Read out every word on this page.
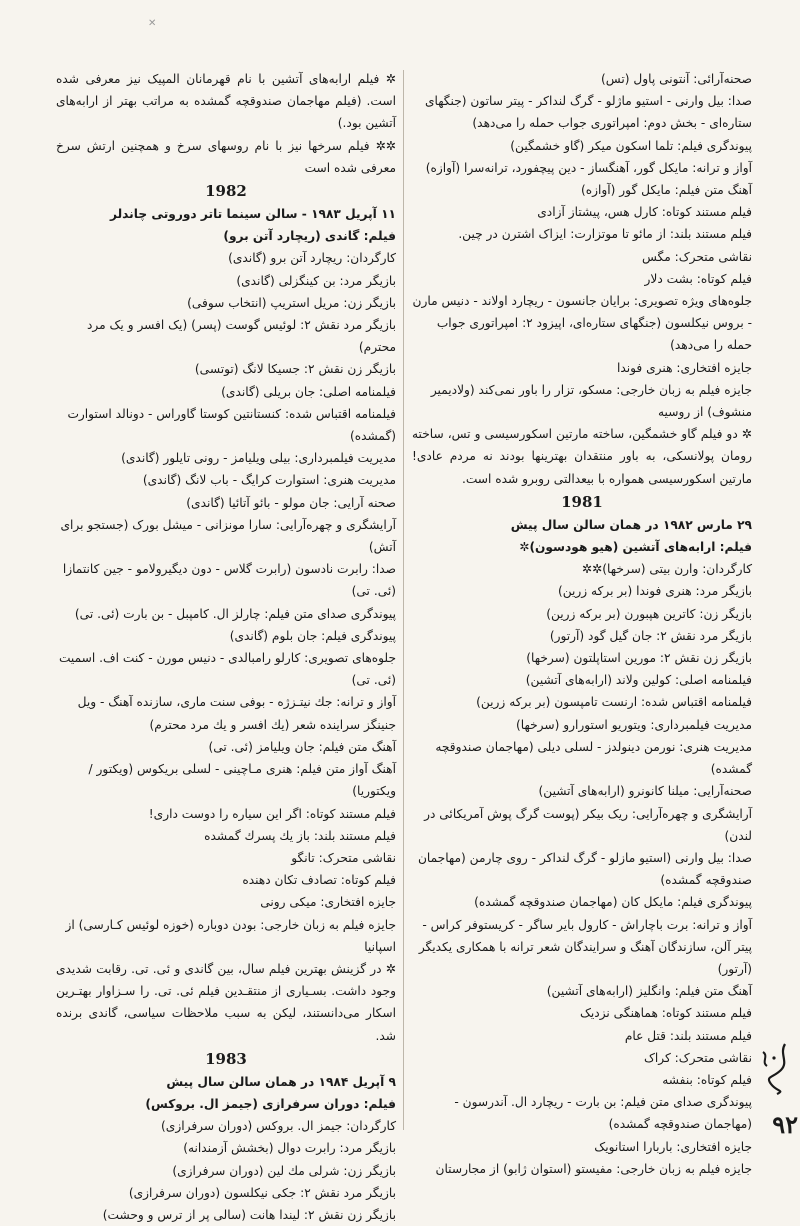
✕

صحنه‌آرائی: آنتونی پاول (تس)

صدا: بیل وارنی - استیو ماژلو - گرگ لنداکر - پیتر ساتون (جنگهای ستاره‌ای - بخش دوم: امپراتوری جواب حمله را می‌دهد)

پیوندگری فیلم: تلما اسکون میکر (گاو خشمگین)

آواز و ترانه: مایکل گور، آهنگساز - دین پیچفورد، ترانه‌سرا (آوازه)

آهنگ متن فیلم: مایکل گور (آوازه)

فیلم مستند کوتاه: کارل هس، پیشتاز آزادی

فیلم مستند بلند: از مائو تا موتزارت: ایزاک اشترن در چین.

نقاشی متحرک: مگس

فیلم کوتاه: بشت دلار

جلوه‌های ویژه تصویری: برایان جانسون - ریچارد اولاند - دنیس مارن - بروس نیکلسون (جنگهای ستاره‌ای، اپیزود ۲: امپراتوری جواب حمله را می‌دهد)

جایزه افتخاری: هنری فوندا

جایزه فیلم به زبان خارجی: مسکو، تزار را باور نمی‌کند (ولادیمیر منشوف) از روسیه

✲ دو فیلم گاو خشمگین، ساخته مارتین اسکورسیسی و تس، ساخته رومان پولانسکی، به باور منتقدان بهترینها بودند نه مردم عادی! مارتین اسکورسیسی همواره با بیعدالتی روبرو شده است.

1981

۲۹ مارس ۱۹۸۲ در همان سالن سال پیش

فیلم: ارابه‌های آتشین (هیو هودسون)✲

کارگردان: وارن بیتی (سرخها)✲✲

بازیگر مرد: هنری فوندا (بر برکه زرین)

بازیگر زن: کاترین هپبورن (بر برکه زرین)

بازیگر مرد نقش ۲: جان گیل گود (آرتور)

بازیگر زن نقش ۲: مورین استاپلتون (سرخها)

فیلمنامه اصلی: کولین ولاند (ارابه‌های آتشین)

فیلمنامه اقتباس شده: ارنست تامپسون (بر برکه زرین)

مدیریت فیلمبرداری: ویتوریو استورارو (سرخها)

مدیریت هنری: نورمن دینولدز - لسلی دیلی (مهاجمان صندوقچه گمشده)

صحنه‌آرایی: میلنا کانونرو (ارابه‌های آتشین)

آرایشگری و چهره‌آرایی: ریک بیکر (پوست گرگ پوش آمریکائی در لندن)

صدا: بیل وارنی (استیو مازلو - گرگ لنداکر - روی چارمن (مهاجمان صندوقچه گمشده)

پیوندگری فیلم: مایکل کان (مهاجمان صندوقچه گمشده)

آواز و ترانه: برت باچاراش - کارول بایر ساگر - کریستوفر کراس - پیتر آلن، سازندگان آهنگ و سرایندگان شعر ترانه با همکاری یکدیگر (آرتور)

آهنگ متن فیلم: وانگلیز (ارابه‌های آتشین)

فیلم مستند کوتاه: هماهنگی نزدیک

فیلم مستند بلند: قتل عام

نقاشی متحرک: کراک

فیلم کوتاه: بنفشه

پیوندگری صدای متن فیلم: بن بارت - ریچارد ال. آندرسون - (مهاجمان صندوقچه گمشده)

جایزه افتخاری: باربارا استانویک

جایزه فیلم به زبان خارجی: مفیستو (استوان ژابو) از مجارستان

✲ فیلم ارابه‌های آتشین با نام قهرمانان المپیک نیز معرفی شده است. (فیلم مهاجمان صندوقچه گمشده به مراتب بهتر از ارابه‌های آتشین بود.)

✲✲ فیلم سرخها نیز با نام روسهای سرخ و همچنین ارتش سرخ معرفی شده است

1982

۱۱ آپریل ۱۹۸۳ - سالن سینما تاتر دوروتی چاندلر

فیلم: گاندی (ریچارد آتن برو)

کارگردان: ریچارد آتن برو (گاندی)

بازیگر مرد: بن کینگزلی (گاندی)

بازیگر زن: مریل استریپ (انتخاب سوفی)

بازیگر مرد نقش ۲: لوئیس گوست (پسر) (یک افسر و یک مرد محترم)

بازیگر زن نقش ۲: جسیکا لانگ (توتسی)

فیلمنامه اصلی: جان بریلی (گاندی)

فیلمنامه اقتباس شده: کنستانتین کوستا گاوراس - دونالد استوارت (گمشده)

مدیریت فیلمبرداری: بیلی ویلیامز - رونی تایلور (گاندی)

مدیریت هنری: استوارت کرایگ - باب لانگ (گاندی)

صحنه آرایی: جان مولو - بائو آتائیا (گاندی)

آرایشگری و چهره‌آرایی: سارا مونزانی - میشل بورک (جستجو برای آتش)

صدا: رابرت نادسون (رابرت گلاس - دون دیگیرولامو - جین کانتمازا (ئی. تی)

پیوندگری صدای متن فیلم: چارلز ال. کامپبل - بن بارت (ئی. تی)

پیوندگری فیلم: جان بلوم (گاندی)

جلوه‌های تصویری: کارلو رامبالدی - دنیس مورن - کنت اف. اسمیت (ئی. تی)

آواز و ترانه: جك نیتـزژه - بوفی سنت ماری، سازنده آهنگ - ویل جنینگز سراینده شعر (یك افسر و یك مرد محترم)

آهنگ متن فیلم: جان ویلیامز (ئی. تی)

آهنگ آواز متن فیلم: هنری مـاچینی - لسلی بریکوس (ویکتور / ویکتوریا)

فیلم مستند کوتاه: اگر این سیاره را دوست داری!

فیلم مستند بلند: باز یك پسرك گمشده

نقاشی متحرک: تانگو

فیلم کوتاه: تصادف تکان دهنده

جایزه افتخاری: میکی رونی

جایزه فیلم به زبان خارجی: بودن دوباره (خوزه لوئیس کـارسی) از اسپانیا

✲ در گزینش بهترین فیلم سال، بین گاندی و ئی. تی. رقابت شدیدی وجود داشت. بسـیاری از منتقـدین فیلم ئی. تی. را سـزاوار بهتـرین اسکار می‌دانستند، لیکن به سبب ملاحظات سیاسی، گاندی برنده شد.

1983

۹ آپریل ۱۹۸۴ در همان سالن سال پیش

فیلم: دوران سرفرازی (جیمز ال. بروکس)

کارگردان: جیمز ال. بروکس (دوران سرفرازی)

بازیگر مرد: رابرت دوال (بخشش آزمندانه)

بازیگر زن: شرلی مك لین (دوران سرفرازی)

بازیگر مرد نقش ۲: جکی نیکلسون (دوران سرفرازی)

بازیگر زن نقش ۲: لیندا هانت (سالی پر از ترس و وحشت)

۹۲
